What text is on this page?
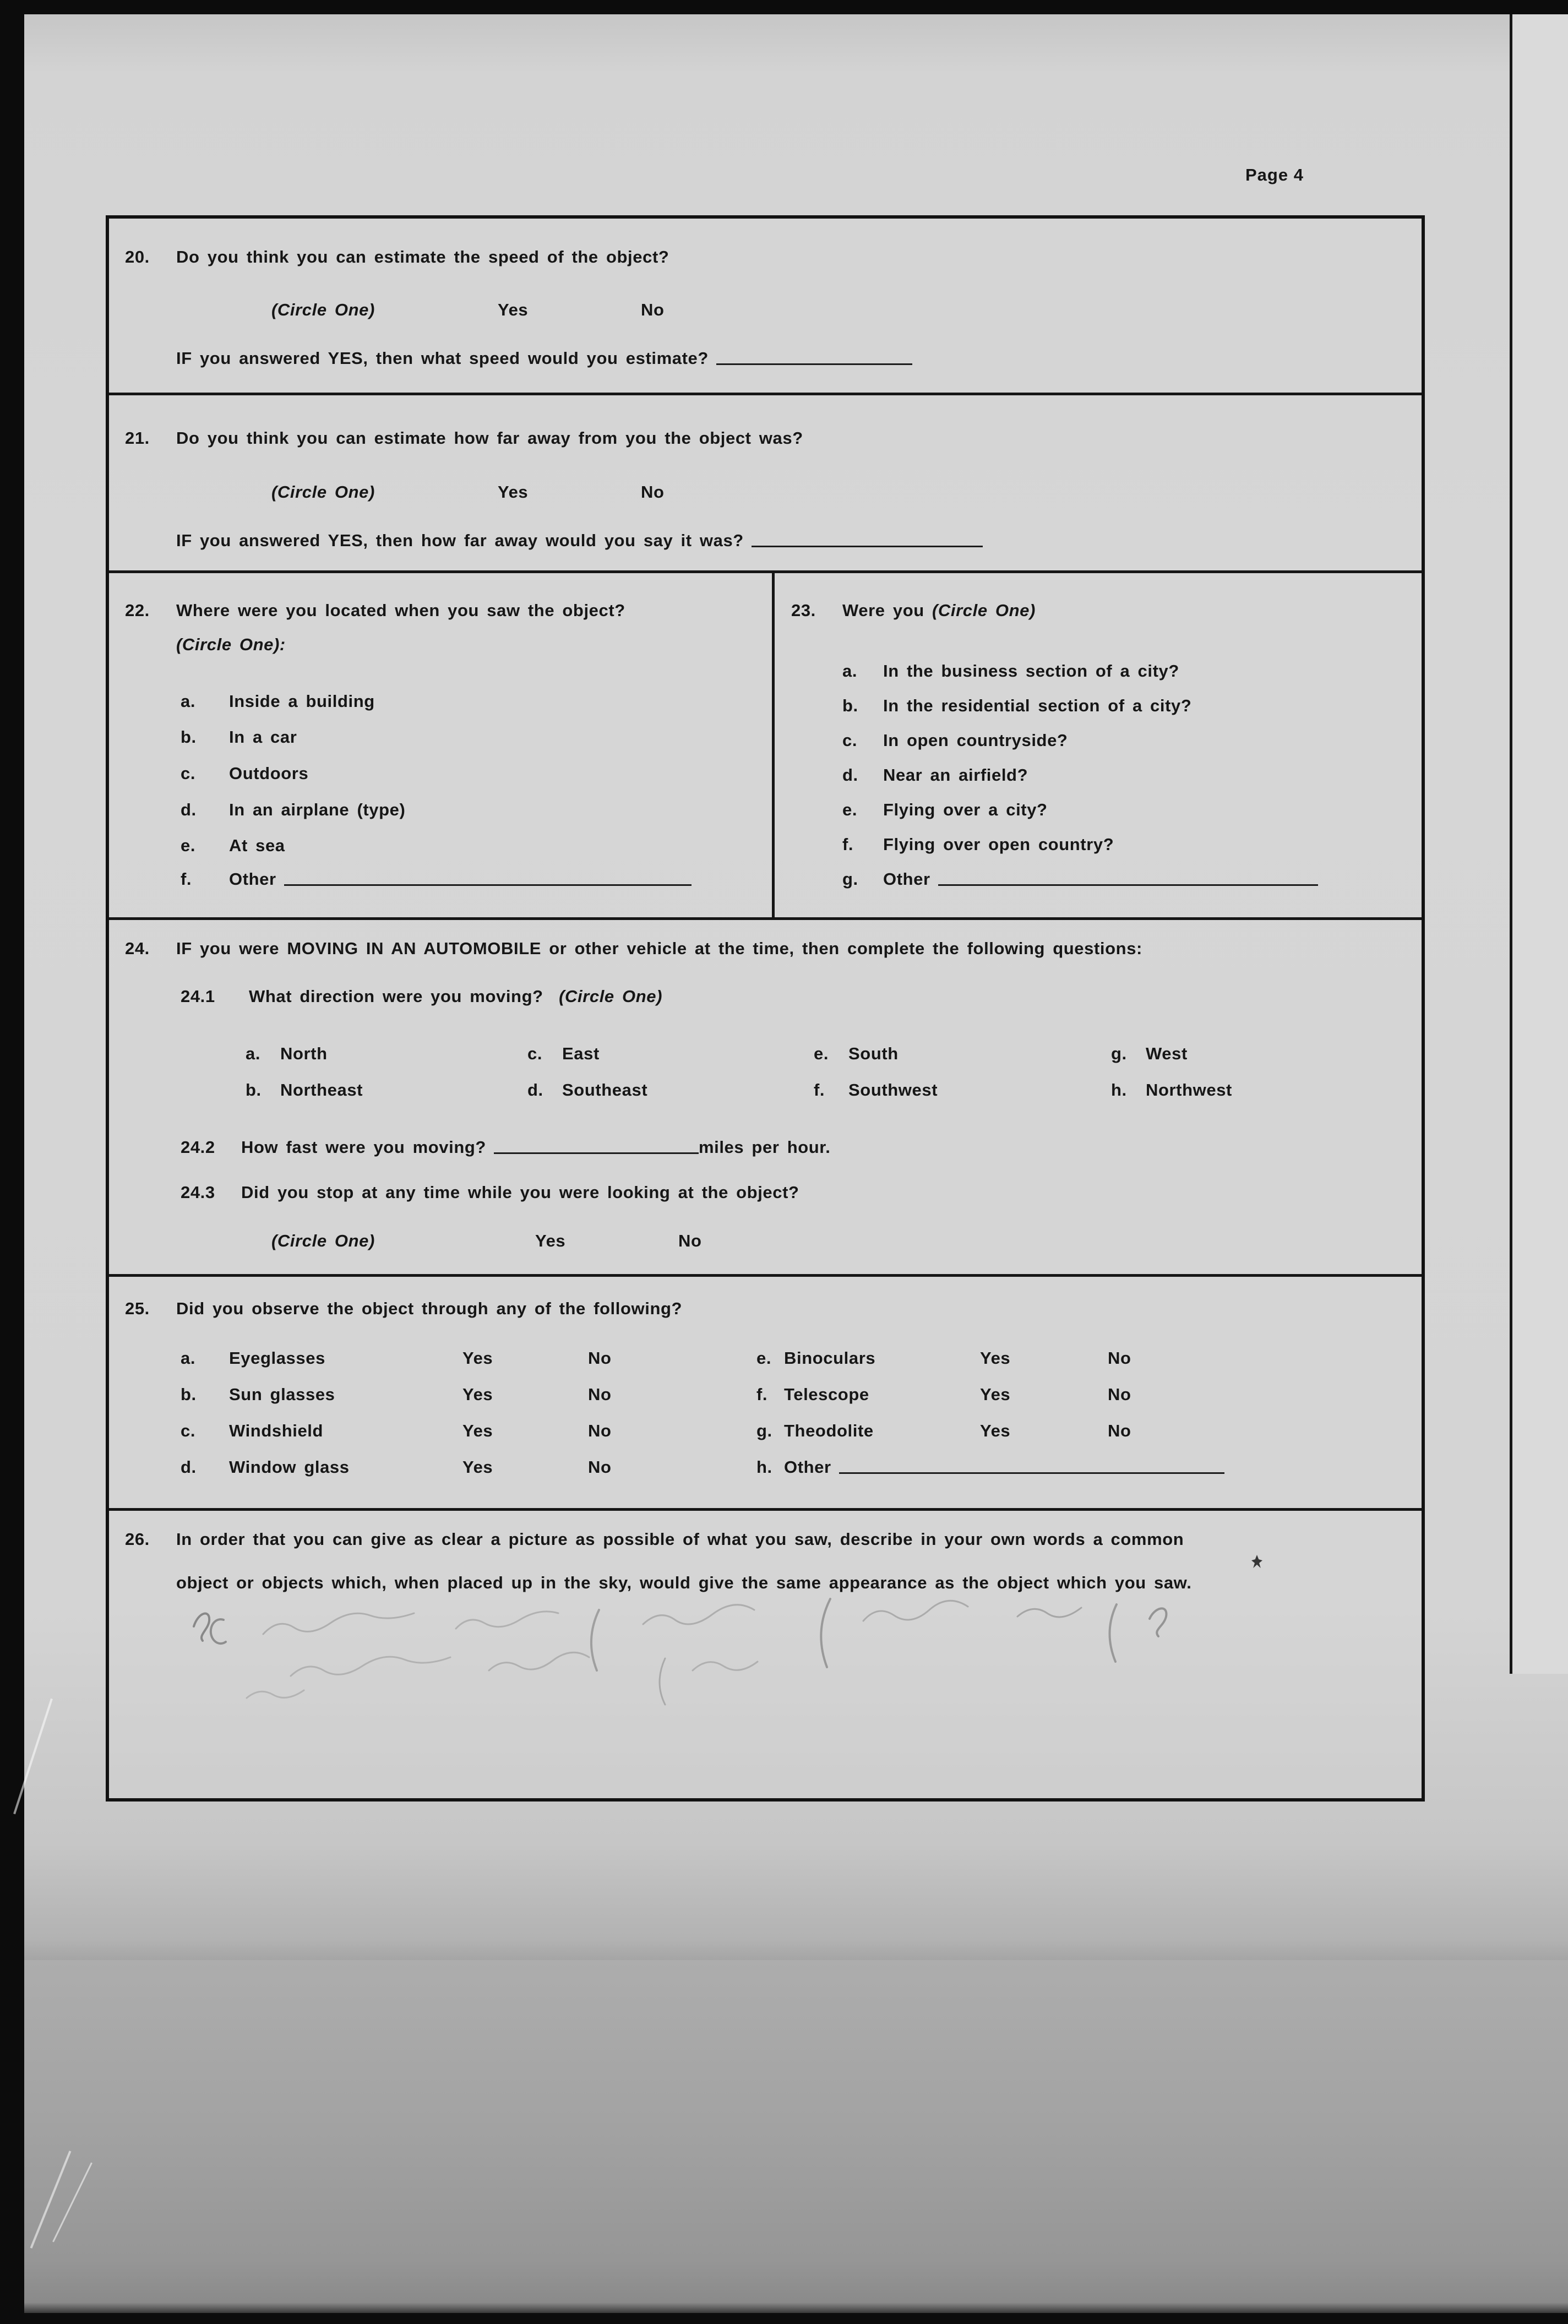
Page 4
20. Do you think you can estimate the speed of the object?
(Circle One)	Yes	No
IF you answered YES, then what speed would you estimate?
21. Do you think you can estimate how far away from you the object was?
(Circle One)	Yes	No
IF you answered YES, then how far away would you say it was?
22. Where were you located when you saw the object?
(Circle One):
a. Inside a building
b. In a car
c. Outdoors
d. In an airplane (type)
e. At sea
f. Other
23. Were you (Circle One)
a. In the business section of a city?
b. In the residential section of a city?
c. In open countryside?
d. Near an airfield?
e. Flying over a city?
f. Flying over open country?
g. Other
24. IF you were MOVING IN AN AUTOMOBILE or other vehicle at the time, then complete the following questions:
24.1 What direction were you moving? (Circle One)
a. North	c. East	e. South	g. West
b. Northeast	d. Southeast	f. Southwest	h. Northwest
24.2 How fast were you moving?	miles per hour.
24.3 Did you stop at any time while you were looking at the object?
(Circle One)	Yes	No
25. Did you observe the object through any of the following?
a. Eyeglasses	Yes	No	e. Binoculars	Yes	No
b. Sun glasses	Yes	No	f. Telescope	Yes	No
c. Windshield	Yes	No	g. Theodolite	Yes	No
d. Window glass	Yes	No	h. Other
26. In order that you can give as clear a picture as possible of what you saw, describe in your own words a common
object or objects which, when placed up in the sky, would give the same appearance as the object which you saw.
